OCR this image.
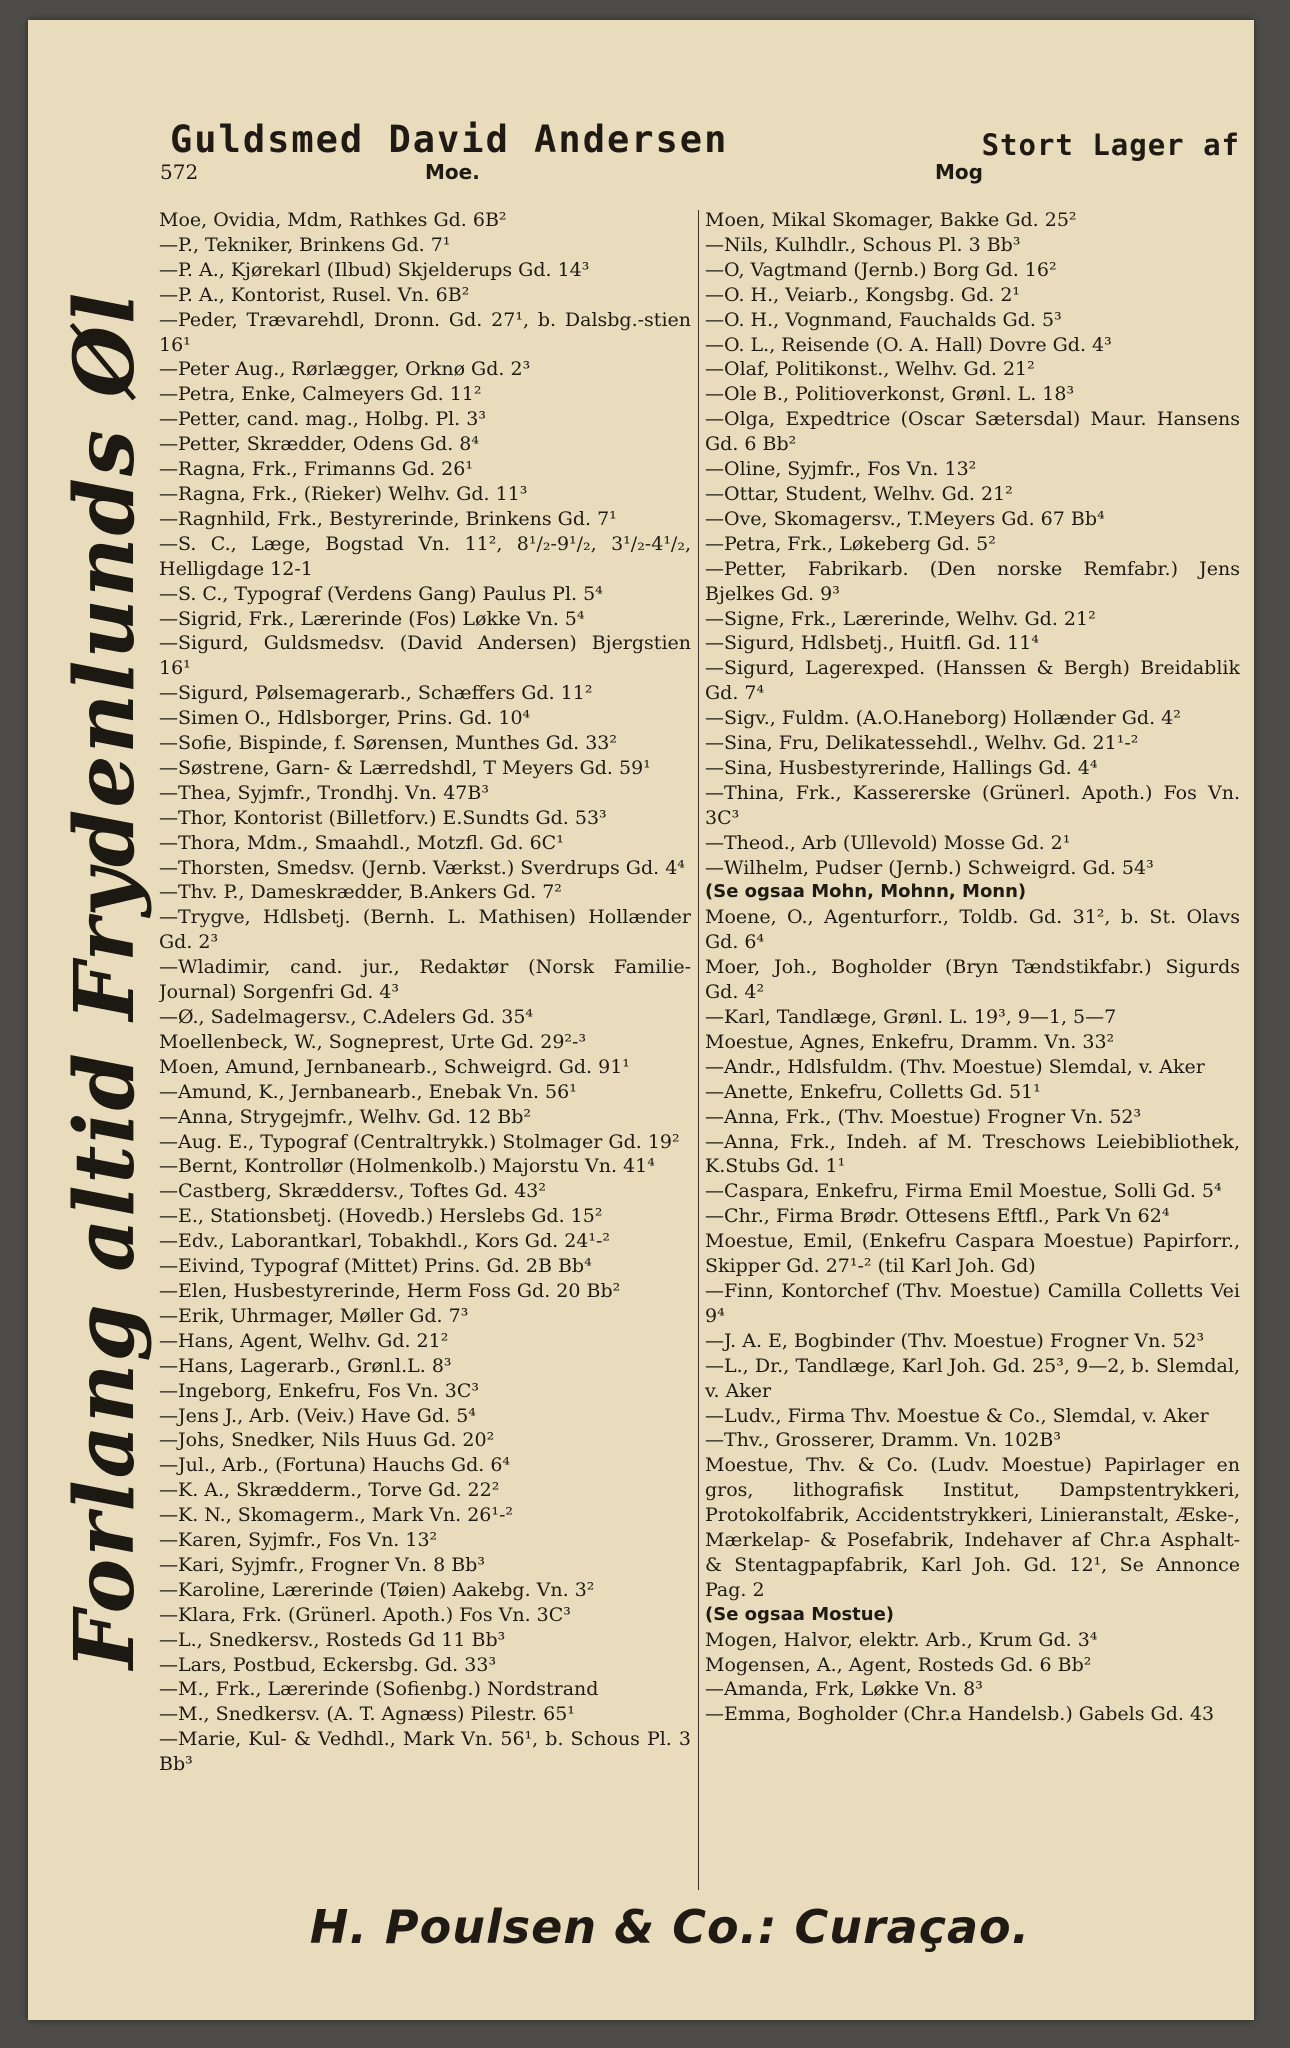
Guldsmed David Andersen	Stort Lager af
572	Moe.	Mog
Forlang altid Frydenlunds Øl

Moe, Ovidia, Mdm, Rathkes Gd. 6B²

—P., Tekniker, Brinkens Gd. 7¹

—P. A., Kjørekarl (Ilbud) Skjelderups Gd. 14³

—P. A., Kontorist, Rusel. Vn. 6B²

—Peder, Trævarehdl, Dronn. Gd. 27¹, b. Dalsbg.-stien 16¹

—Peter Aug., Rørlægger, Orknø Gd. 2³

—Petra, Enke, Calmeyers Gd. 11²

—Petter, cand. mag., Holbg. Pl. 3³

—Petter, Skrædder, Odens Gd. 8⁴

—Ragna, Frk., Frimanns Gd. 26¹

—Ragna, Frk., (Rieker) Welhv. Gd. 11³

—Ragnhild, Frk., Bestyrerinde, Brinkens Gd. 7¹

—S. C., Læge, Bogstad Vn. 11², 8¹/₂-9¹/₂, 3¹/₂-4¹/₂, Helligdage 12-1

—S. C., Typograf (Verdens Gang) Paulus Pl. 5⁴

—Sigrid, Frk., Lærerinde (Fos) Løkke Vn. 5⁴

—Sigurd, Guldsmedsv. (David Andersen) Bjergstien 16¹

—Sigurd, Pølsemagerarb., Schæffers Gd. 11²

—Simen O., Hdlsborger, Prins. Gd. 10⁴

—Sofie, Bispinde, f. Sørensen, Munthes Gd. 33²

—Søstrene, Garn- & Lærredshdl, T Meyers Gd. 59¹

—Thea, Syjmfr., Trondhj. Vn. 47B³

—Thor, Kontorist (Billetforv.) E.Sundts Gd. 53³

—Thora, Mdm., Smaahdl., Motzfl. Gd. 6C¹

—Thorsten, Smedsv. (Jernb. Værkst.) Sverdrups Gd. 4⁴

—Thv. P., Dameskrædder, B.Ankers Gd. 7²

—Trygve, Hdlsbetj. (Bernh. L. Mathisen) Hollænder Gd. 2³

—Wladimir, cand. jur., Redaktør (Norsk Familie-Journal) Sorgenfri Gd. 4³

—Ø., Sadelmagersv., C.Adelers Gd. 35⁴

Moellenbeck, W., Sogneprest, Urte Gd. 29²-³

Moen, Amund, Jernbanearb., Schweigrd. Gd. 91¹

—Amund, K., Jernbanearb., Enebak Vn. 56¹

—Anna, Strygejmfr., Welhv. Gd. 12 Bb²

—Aug. E., Typograf (Centraltrykk.) Stolmager Gd. 19²

—Bernt, Kontrollør (Holmenkolb.) Majorstu Vn. 41⁴

—Castberg, Skræddersv., Toftes Gd. 43²

—E., Stationsbetj. (Hovedb.) Herslebs Gd. 15²

—Edv., Laborantkarl, Tobakhdl., Kors Gd. 24¹-²

—Eivind, Typograf (Mittet) Prins. Gd. 2B Bb⁴

—Elen, Husbestyrerinde, Herm Foss Gd. 20 Bb²

—Erik, Uhrmager, Møller Gd. 7³

—Hans, Agent, Welhv. Gd. 21²

—Hans, Lagerarb., Grønl.L. 8³

—Ingeborg, Enkefru, Fos Vn. 3C³

—Jens J., Arb. (Veiv.) Have Gd. 5⁴

—Johs, Snedker, Nils Huus Gd. 20²

—Jul., Arb., (Fortuna) Hauchs Gd. 6⁴

—K. A., Skrædderm., Torve Gd. 22²

—K. N., Skomagerm., Mark Vn. 26¹-²

—Karen, Syjmfr., Fos Vn. 13²

—Kari, Syjmfr., Frogner Vn. 8 Bb³

—Karoline, Lærerinde (Tøien) Aakebg. Vn. 3²

—Klara, Frk. (Grünerl. Apoth.) Fos Vn. 3C³

—L., Snedkersv., Rosteds Gd 11 Bb³

—Lars, Postbud, Eckersbg. Gd. 33³

—M., Frk., Lærerinde (Sofienbg.) Nordstrand

—M., Snedkersv. (A. T. Agnæss) Pilestr. 65¹

—Marie, Kul- & Vedhdl., Mark Vn. 56¹, b. Schous Pl. 3 Bb³

Moen, Mikal Skomager, Bakke Gd. 25²

—Nils, Kulhdlr., Schous Pl. 3 Bb³

—O, Vagtmand (Jernb.) Borg Gd. 16²

—O. H., Veiarb., Kongsbg. Gd. 2¹

—O. H., Vognmand, Fauchalds Gd. 5³

—O. L., Reisende (O. A. Hall) Dovre Gd. 4³

—Olaf, Politikonst., Welhv. Gd. 21²

—Ole B., Politioverkonst, Grønl. L. 18³

—Olga, Expedtrice (Oscar Sætersdal) Maur. Hansens Gd. 6 Bb²

—Oline, Syjmfr., Fos Vn. 13²

—Ottar, Student, Welhv. Gd. 21²

—Ove, Skomagersv., T.Meyers Gd. 67 Bb⁴

—Petra, Frk., Løkeberg Gd. 5²

—Petter, Fabrikarb. (Den norske Remfabr.) Jens Bjelkes Gd. 9³

—Signe, Frk., Lærerinde, Welhv. Gd. 21²

—Sigurd, Hdlsbetj., Huitfl. Gd. 11⁴

—Sigurd, Lagerexped. (Hanssen & Bergh) Breidablik Gd. 7⁴

—Sigv., Fuldm. (A.O.Haneborg) Hollænder Gd. 4²

—Sina, Fru, Delikatessehdl., Welhv. Gd. 21¹-²

—Sina, Husbestyrerinde, Hallings Gd. 4⁴

—Thina, Frk., Kassererske (Grünerl. Apoth.) Fos Vn. 3C³

—Theod., Arb (Ullevold) Mosse Gd. 2¹

—Wilhelm, Pudser (Jernb.) Schweigrd. Gd. 54³

(Se ogsaa Mohn, Mohnn, Monn)

Moene, O., Agenturforr., Toldb. Gd. 31², b. St. Olavs Gd. 6⁴

Moer, Joh., Bogholder (Bryn Tændstikfabr.) Sigurds Gd. 4²

—Karl, Tandlæge, Grønl. L. 19³, 9—1, 5—7

Moestue, Agnes, Enkefru, Dramm. Vn. 33²

—Andr., Hdlsfuldm. (Thv. Moestue) Slemdal, v. Aker

—Anette, Enkefru, Colletts Gd. 51¹

—Anna, Frk., (Thv. Moestue) Frogner Vn. 52³

—Anna, Frk., Indeh. af M. Treschows Leiebibliothek, K.Stubs Gd. 1¹

—Caspara, Enkefru, Firma Emil Moestue, Solli Gd. 5⁴

—Chr., Firma Brødr. Ottesens Eftfl., Park Vn 62⁴

Moestue, Emil, (Enkefru Caspara Moestue) Papirforr., Skipper Gd. 27¹-² (til Karl Joh. Gd)

—Finn, Kontorchef (Thv. Moestue) Camilla Colletts Vei 9⁴

—J. A. E, Bogbinder (Thv. Moestue) Frogner Vn. 52³

—L., Dr., Tandlæge, Karl Joh. Gd. 25³, 9—2, b. Slemdal, v. Aker

—Ludv., Firma Thv. Moestue & Co., Slemdal, v. Aker

—Thv., Grosserer, Dramm. Vn. 102B³

Moestue, Thv. & Co. (Ludv. Moestue) Papirlager en gros, lithografisk Institut, Dampstentrykkeri, Protokolfabrik, Accidentstrykkeri, Linieranstalt, Æske-, Mærkelap- & Posefabrik, Indehaver af Chr.a Asphalt- & Stentagpapfabrik, Karl Joh. Gd. 12¹, Se Annonce Pag. 2

(Se ogsaa Mostue)

Mogen, Halvor, elektr. Arb., Krum Gd. 3⁴

Mogensen, A., Agent, Rosteds Gd. 6 Bb²

—Amanda, Frk, Løkke Vn. 8³

—Emma, Bogholder (Chr.a Handelsb.) Gabels Gd. 43

H. Poulsen & Co.: Curaçao.
